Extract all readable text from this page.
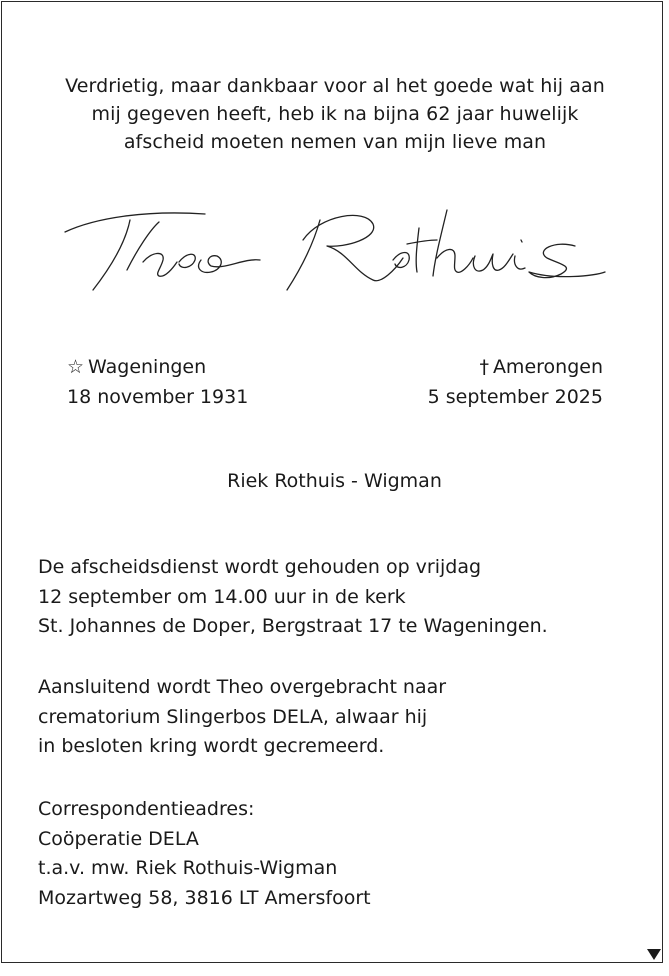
Verdrietig, maar dankbaar voor al het goede wat hij aan
mij gegeven heeft, heb ik na bijna 62 jaar huwelijk
afscheid moeten nemen van mijn lieve man
☆ Wageningen
18 november 1931
† Amerongen
5 september 2025
Riek Rothuis - Wigman
De afscheidsdienst wordt gehouden op vrijdag
12 september om 14.00 uur in de kerk
St. Johannes de Doper, Bergstraat 17 te Wageningen.
Aansluitend wordt Theo overgebracht naar
crematorium Slingerbos DELA, alwaar hij
in besloten kring wordt gecremeerd.
Correspondentieadres:
Coöperatie DELA
t.a.v. mw. Riek Rothuis-Wigman
Mozartweg 58, 3816 LT Amersfoort
